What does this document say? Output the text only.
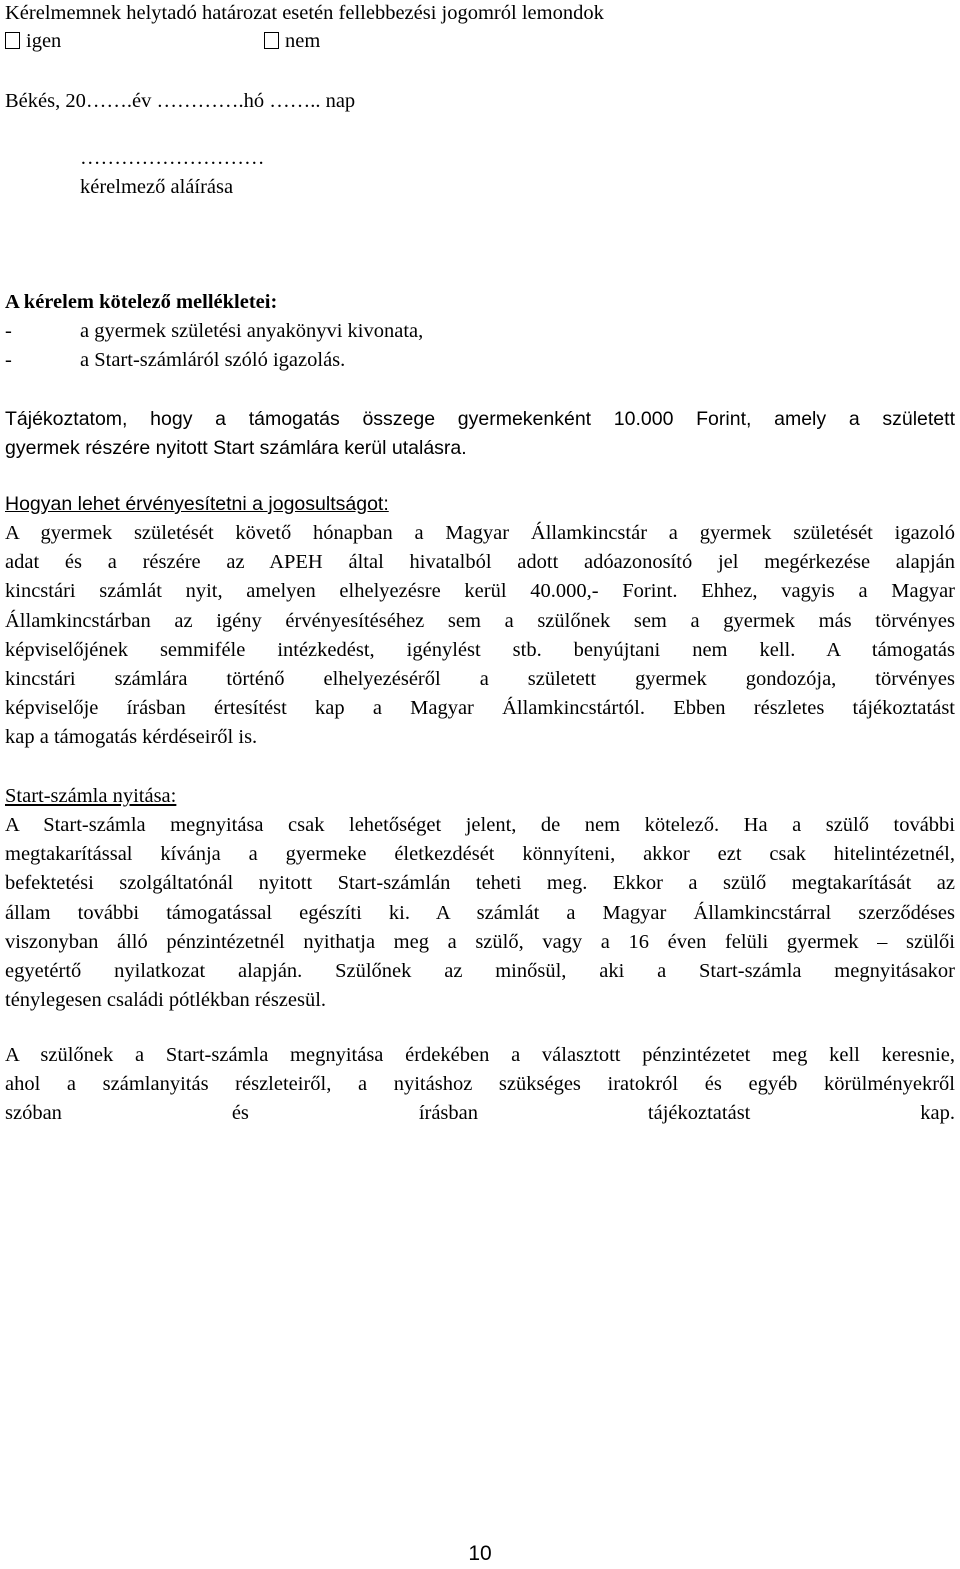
Kérelmemnek helytadó határozat esetén fellebbezési jogomról lemondok
igen	nem
Békés, 20…….év ………….hó …….. nap
………………………
kérelmező aláírása
A kérelem kötelező mellékletei:
-	a gyermek születési anyakönyvi kivonata,
-	a Start-számláról szóló igazolás.
Tájékoztatom, hogy a támogatás összege gyermekenként 10.000 Forint, amely a született
gyermek részére nyitott Start számlára kerül utalásra.
Hogyan lehet érvényesítetni a jogosultságot:
A gyermek születését követő hónapban a Magyar Államkincstár a gyermek születését igazoló
adat és a részére az APEH által hivatalból adott adóazonosító jel megérkezése alapján
kincstári számlát nyit, amelyen elhelyezésre kerül 40.000,- Forint. Ehhez, vagyis a Magyar
Államkincstárban az igény érvényesítéséhez sem a szülőnek sem a gyermek más törvényes
képviselőjének semmiféle intézkedést, igénylést stb. benyújtani nem kell. A támogatás
kincstári számlára történő elhelyezéséről a született gyermek gondozója, törvényes
képviselője írásban értesítést kap a Magyar Államkincstártól. Ebben részletes tájékoztatást
kap a támogatás kérdéseiről is.
Start-számla nyitása:
A Start-számla megnyitása csak lehetőséget jelent, de nem kötelező. Ha a szülő további
megtakarítással kívánja a gyermeke életkezdését könnyíteni, akkor ezt csak hitelintézetnél,
befektetési szolgáltatónál nyitott Start-számlán teheti meg. Ekkor a szülő megtakarítását az
állam további támogatással egészíti ki. A számlát a Magyar Államkincstárral szerződéses
viszonyban álló pénzintézetnél nyithatja meg a szülő, vagy a 16 éven felüli gyermek – szülői
egyetértő nyilatkozat alapján. Szülőnek az minősül, aki a Start-számla megnyitásakor
ténylegesen családi pótlékban részesül.
A szülőnek a Start-számla megnyitása érdekében a választott pénzintézetet meg kell keresnie,
ahol a számlanyitás részleteiről, a nyitáshoz szükséges iratokról és egyéb körülményekről
szóban és írásban tájékoztatást kap.
10
